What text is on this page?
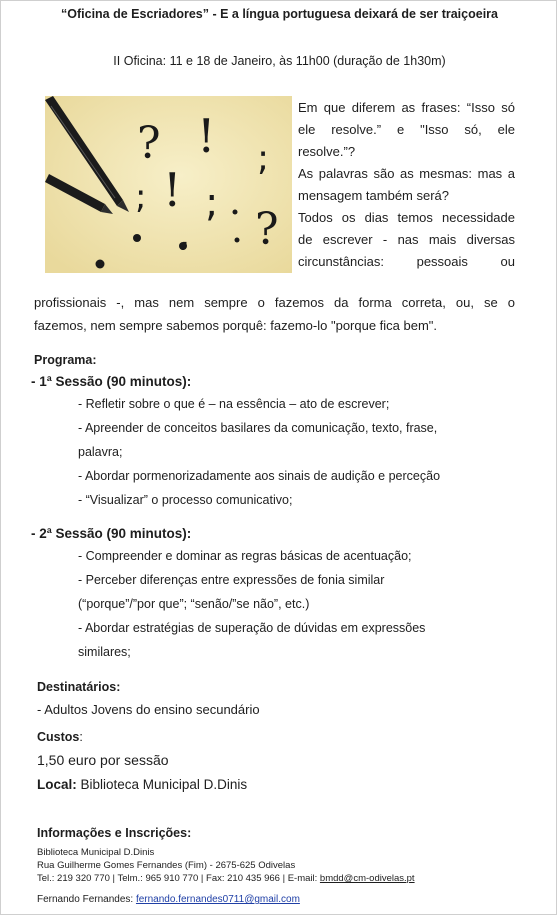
“Oficina de Escriadores” - E a língua portuguesa deixará de ser traiçoeira
II Oficina: 11 e 18 de Janeiro, às 11h00 (duração de 1h30m)
? ! ;
; ! ;
?
,

Em que diferem as frases: “Isso só

ele resolve.” e "Isso só, ele

resolve.”?

As palavras são as mesmas: mas a

mensagem também será?

Todos os dias temos necessidade

de escrever - nas mais diversas

circunstâncias: pessoais ou

profissionais -, mas nem sempre o fazemos da forma correta, ou, se o
fazemos, nem sempre sabemos porquê: fazemo-lo "porque fica bem".
Programa:
- 1ª Sessão (90 minutos):
- Refletir sobre o que é – na essência – ato de escrever;
- Apreender de conceitos basilares da comunicação, texto, frase,
palavra;
- Abordar pormenorizadamente aos sinais de audição e perceção
- “Visualizar” o processo comunicativo;
- 2ª Sessão (90 minutos):
- Compreender e dominar as regras básicas de acentuação;
- Perceber diferenças entre expressões de fonia similar
(“porque”/”por que”; “senão/”se não”, etc.)
- Abordar estratégias de superação de dúvidas em expressões
similares;
Destinatários:
- Adultos Jovens do ensino secundário
Custos:
1,50 euro por sessão
Local: Biblioteca Municipal D.Dinis
Informações e Inscrições:
Biblioteca Municipal D.Dinis
Rua Guilherme Gomes Fernandes (Fim) - 2675-625 Odivelas
Tel.: 219 320 770 | Telm.: 965 910 770 | Fax: 210 435 966 | E-mail: bmdd@cm-odivelas.pt
Fernando Fernandes: fernando.fernandes0711@gmail.com
